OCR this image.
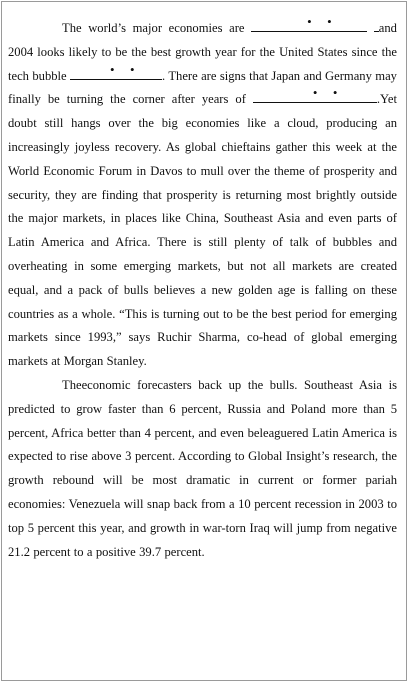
The world’s major economies are	• •	and 2004 looks likely to be the best growth year for the United States since the tech bubble	• • . There are signs that Japan and Germany may finally be turning the corner after years of	• •	.Yet doubt still hangs over the big economies like a cloud, producing an increasingly joyless recovery. As global chieftains gather this week at the World Economic Forum in Davos to mull over the theme of prosperity and security, they are finding that prosperity is returning most brightly outside the major markets, in places like China, Southeast Asia and even parts of Latin America and Africa. There is still plenty of talk of bubbles and overheating in some emerging markets, but not all markets are created equal, and a pack of bulls believes a new golden age is falling on these countries as a whole. “This is turning out to be the best period for emerging markets since 1993,” says Ruchir Sharma, co-head of global emerging markets at Morgan Stanley.

Theeconomic forecasters back up the bulls. Southeast Asia is predicted to grow faster than 6 percent, Russia and Poland more than 5 percent, Africa better than 4 percent, and even beleaguered Latin America is expected to rise above 3 percent. According to Global Insight’s research, the growth rebound will be most dramatic in current or former pariah economies: Venezuela will snap back from a 10 percent recession in 2003 to top 5 percent this year, and growth in war-torn Iraq will jump from negative 21.2 percent to a positive 39.7 percent.
